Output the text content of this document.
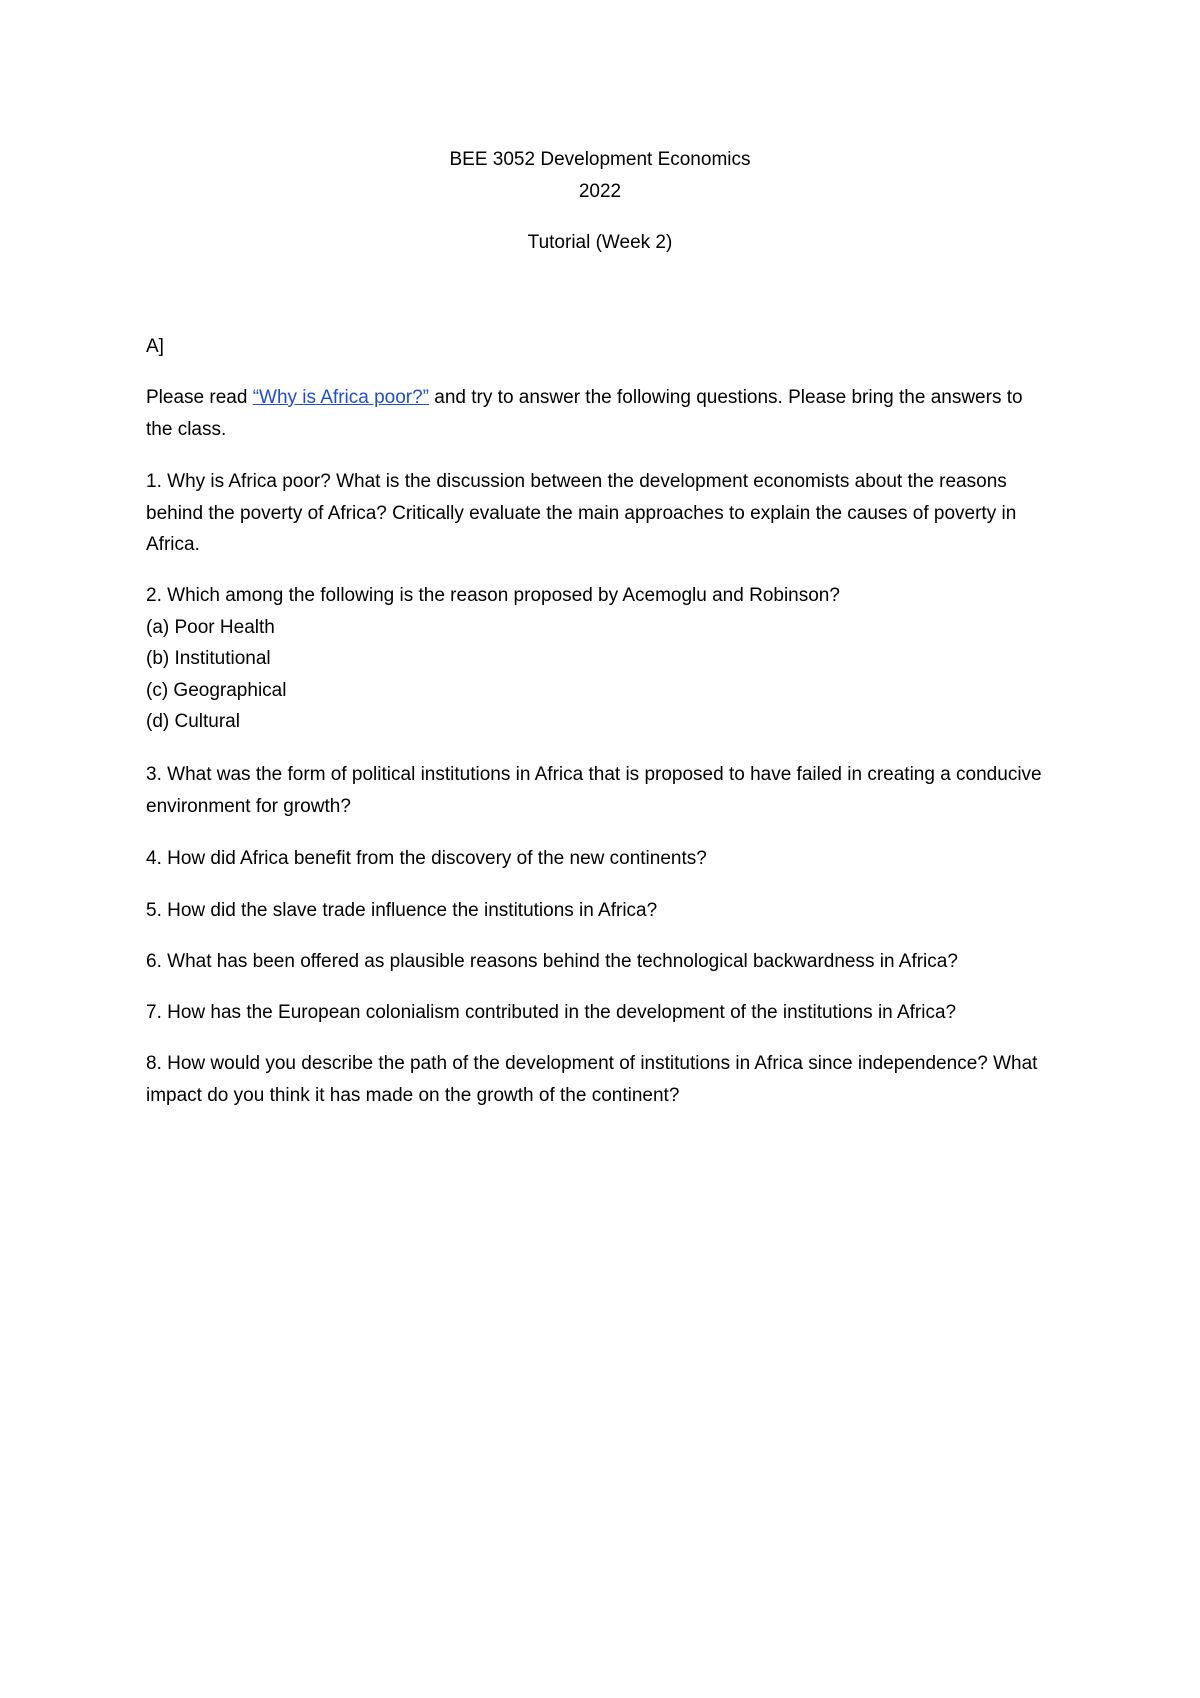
BEE 3052 Development Economics
2022
Tutorial (Week 2)
A]

Please read “Why is Africa poor?” and try to answer the following questions. Please bring the answers to the class.

1. Why is Africa poor? What is the discussion between the development economists about the reasons behind the poverty of Africa? Critically evaluate the main approaches to explain the causes of poverty in Africa.

2. Which among the following is the reason proposed by Acemoglu and Robinson?

(a) Poor Health
(b) Institutional
(c) Geographical
(d) Cultural

3. What was the form of political institutions in Africa that is proposed to have failed in creating a conducive environment for growth?

4. How did Africa benefit from the discovery of the new continents?

5. How did the slave trade influence the institutions in Africa?

6. What has been offered as plausible reasons behind the technological backwardness in Africa?

7. How has the European colonialism contributed in the development of the institutions in Africa?

8. How would you describe the path of the development of institutions in Africa since independence? What impact do you think it has made on the growth of the continent?
